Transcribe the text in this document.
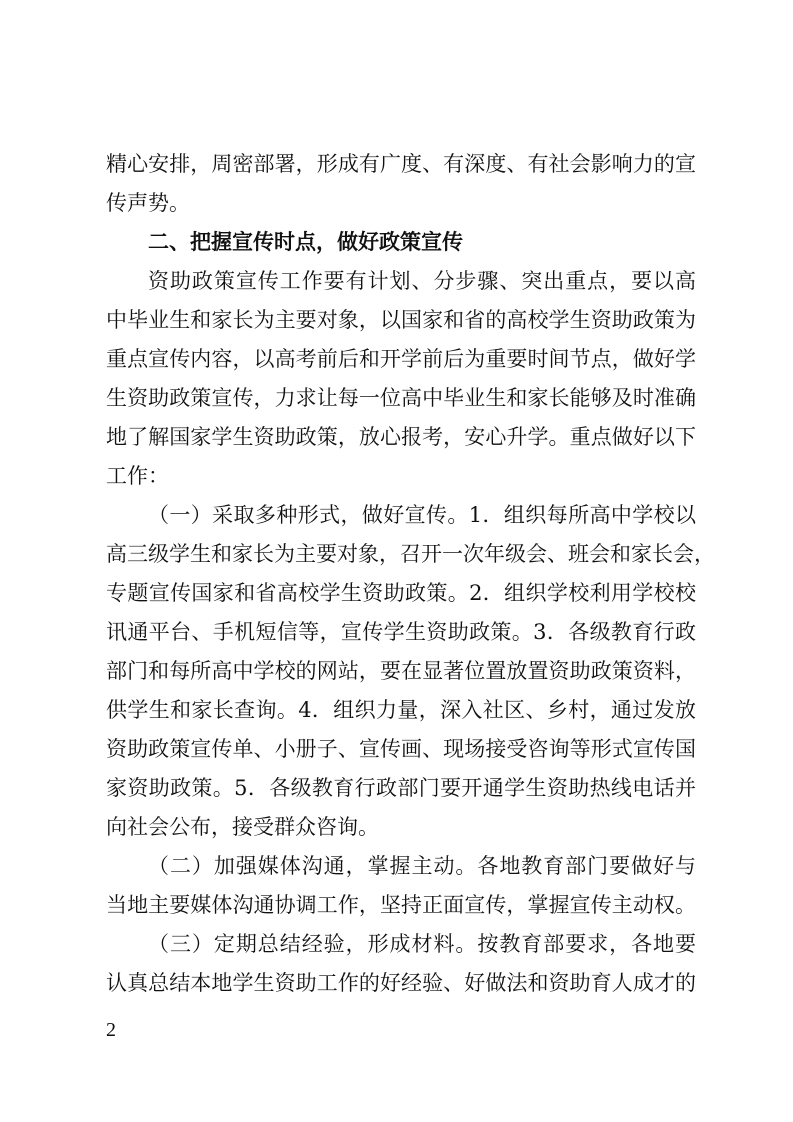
精心安排，周密部署，形成有广度、有深度、有社会影响力的宣
传声势。
二、把握宣传时点，做好政策宣传
资助政策宣传工作要有计划、分步骤、突出重点，要以高
中毕业生和家长为主要对象，以国家和省的高校学生资助政策为
重点宣传内容，以高考前后和开学前后为重要时间节点，做好学
生资助政策宣传，力求让每一位高中毕业生和家长能够及时准确
地了解国家学生资助政策，放心报考，安心升学。重点做好以下
工作：
（一）采取多种形式，做好宣传。1．组织每所高中学校以
高三级学生和家长为主要对象，召开一次年级会、班会和家长会，
专题宣传国家和省高校学生资助政策。2．组织学校利用学校校
讯通平台、手机短信等，宣传学生资助政策。3．各级教育行政
部门和每所高中学校的网站，要在显著位置放置资助政策资料，
供学生和家长查询。4．组织力量，深入社区、乡村，通过发放
资助政策宣传单、小册子、宣传画、现场接受咨询等形式宣传国
家资助政策。5．各级教育行政部门要开通学生资助热线电话并
向社会公布，接受群众咨询。
（二）加强媒体沟通，掌握主动。各地教育部门要做好与
当地主要媒体沟通协调工作，坚持正面宣传，掌握宣传主动权。
（三）定期总结经验，形成材料。按教育部要求，各地要
认真总结本地学生资助工作的好经验、好做法和资助育人成才的
2
